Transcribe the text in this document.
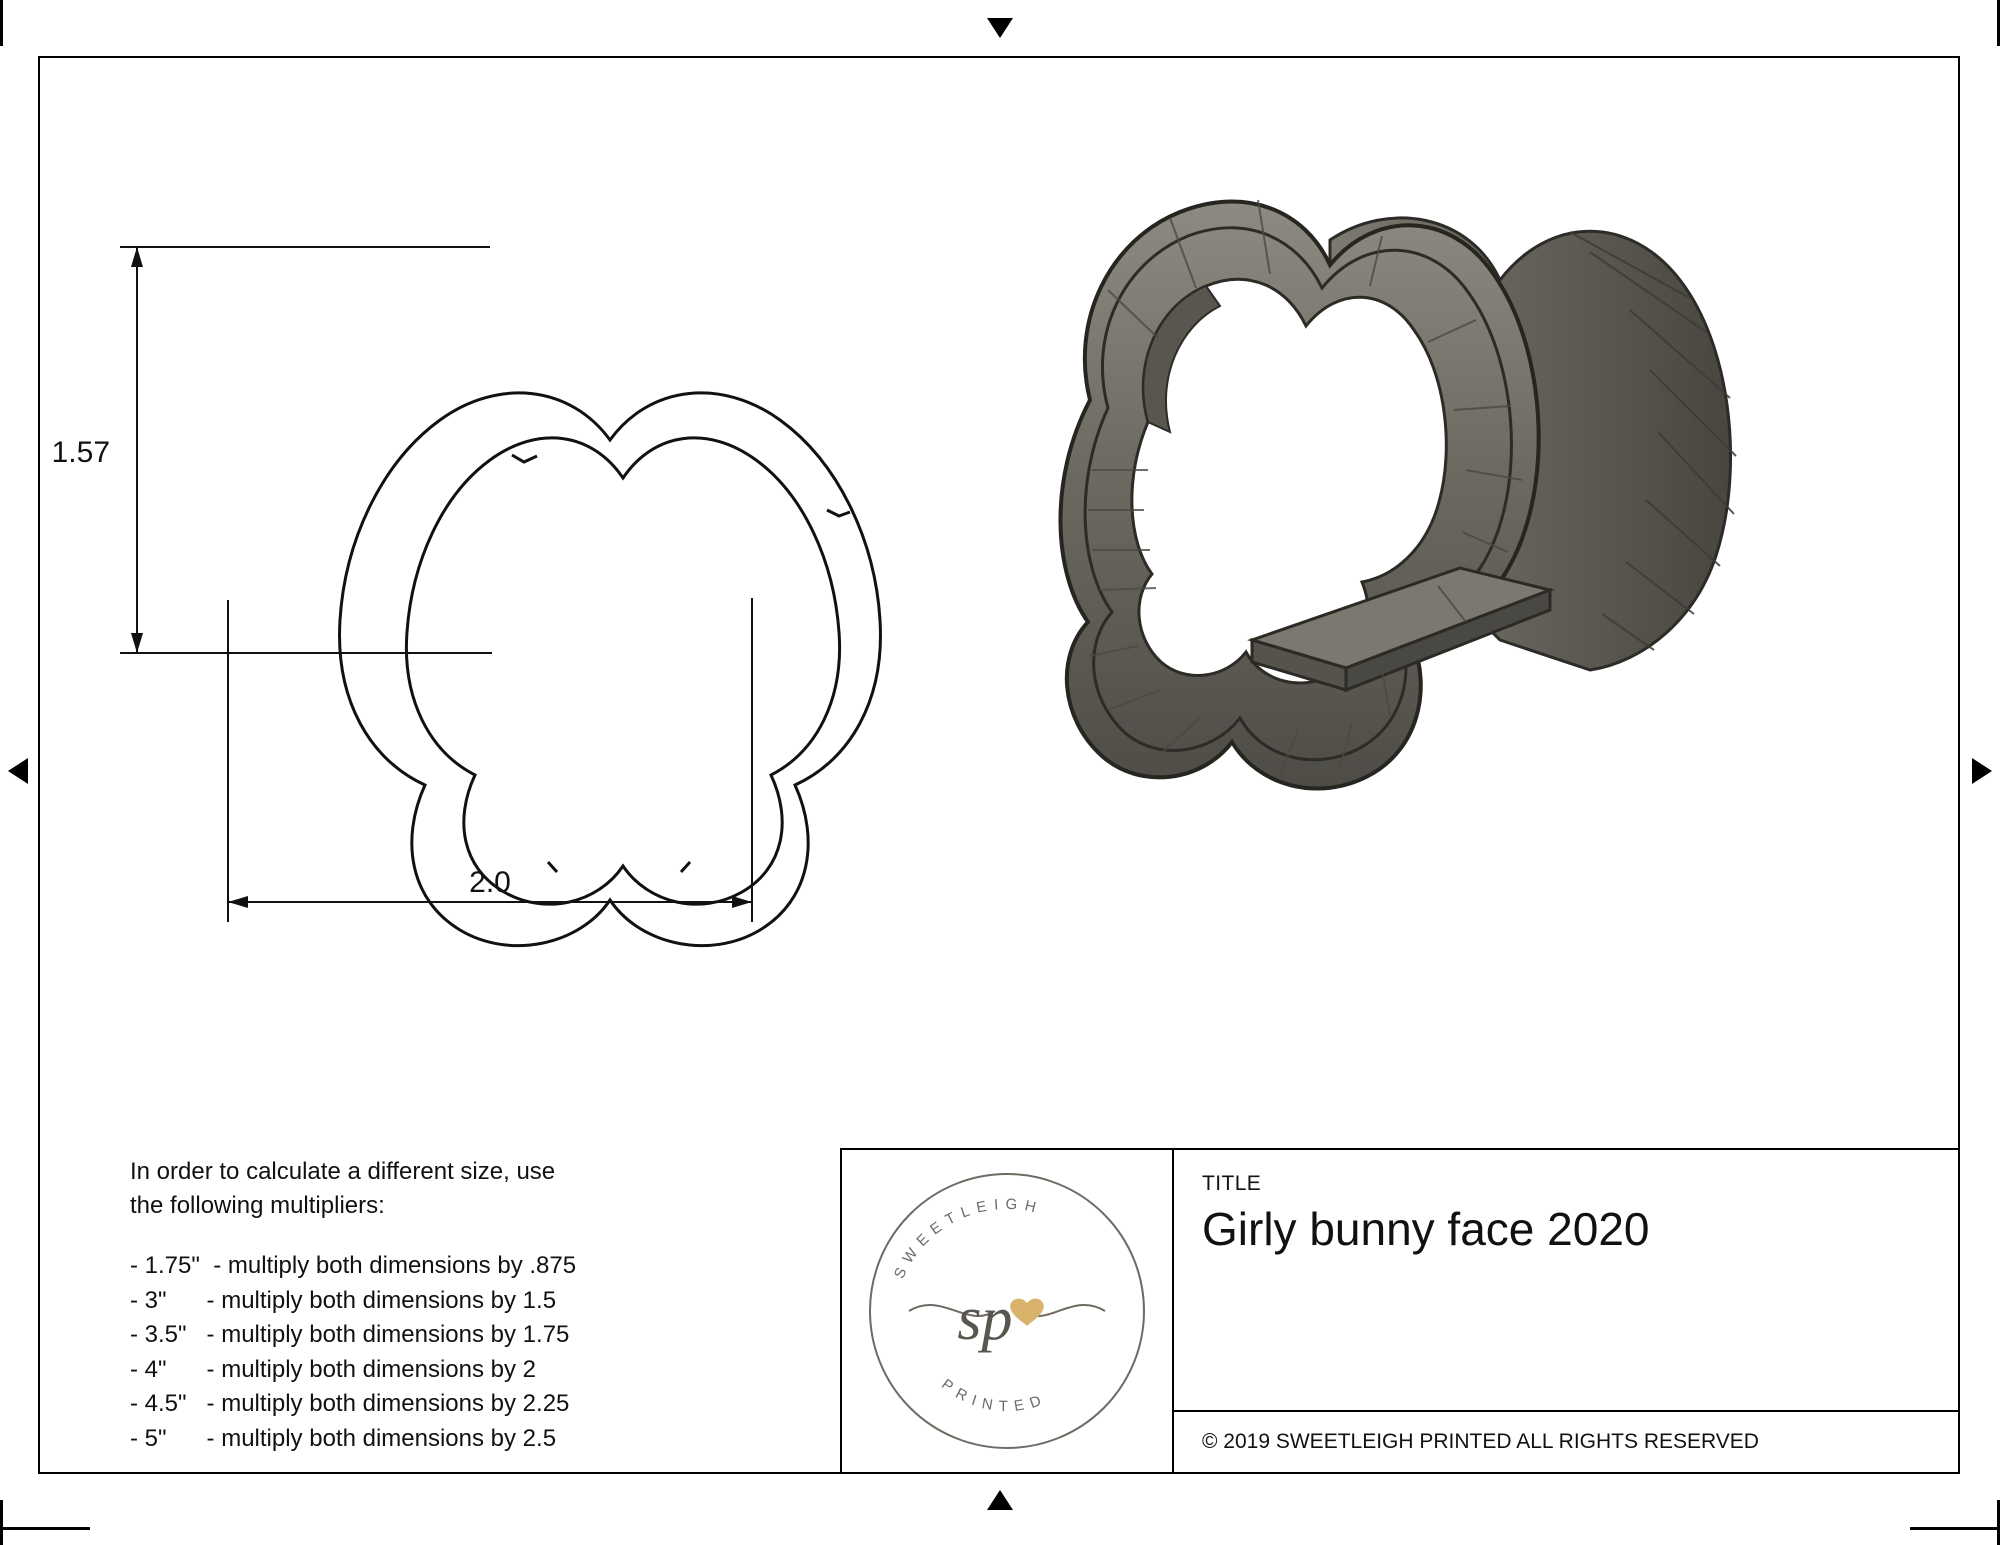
1.57
2.0
In order to calculate a different size, use
the following multipliers:
- 1.75"  - multiply both dimensions by .875
- 3"      - multiply both dimensions by 1.5
- 3.5"   - multiply both dimensions by 1.75
- 4"      - multiply both dimensions by 2
- 4.5"   - multiply both dimensions by 2.25
- 5"      - multiply both dimensions by 2.5
SWEETLEIGH
PRINTED
sp
TITLE
Girly bunny face 2020
© 2019 SWEETLEIGH PRINTED ALL RIGHTS RESERVED
